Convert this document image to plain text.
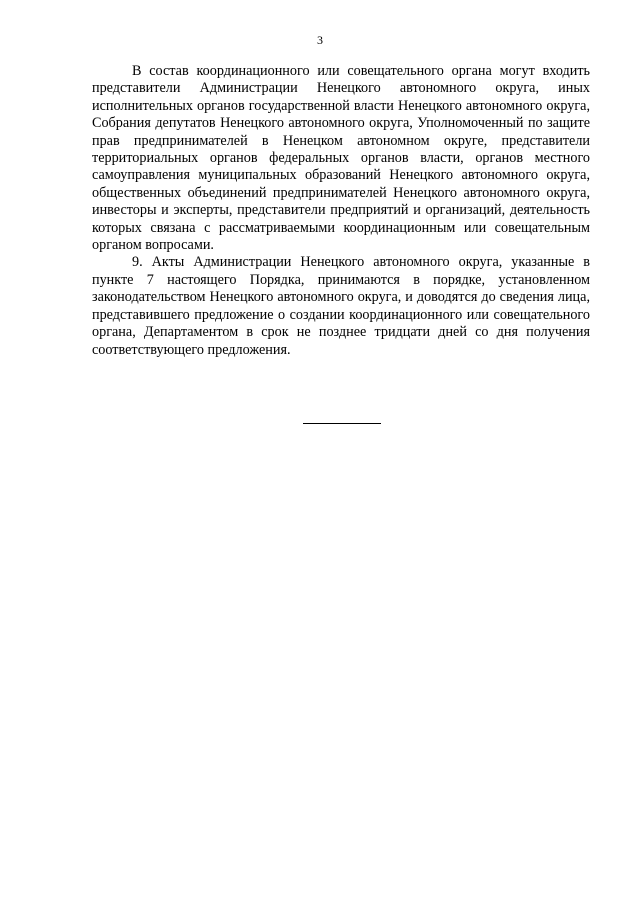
3

В состав координационного или совещательного органа могут входить представители Администрации Ненецкого автономного округа, иных исполнительных органов государственной власти Ненецкого автономного округа, Собрания депутатов Ненецкого автономного округа, Уполномоченный по защите прав предпринимателей в Ненецком автономном округе, представители территориальных органов федеральных органов власти, органов местного самоуправления муниципальных образований Ненецкого автономного округа, общественных объединений предпринимателей Ненецкого автономного округа, инвесторы и эксперты, представители предприятий и организаций, деятельность которых связана с рассматриваемыми координационным или совещательным органом вопросами.

9. Акты Администрации Ненецкого автономного округа, указанные в пункте 7 настоящего Порядка, принимаются в порядке, установленном законодательством Ненецкого автономного округа, и доводятся до сведения лица, представившего предложение о создании координационного или совещательного органа, Департаментом в срок не позднее тридцати дней со дня получения соответствующего предложения.
